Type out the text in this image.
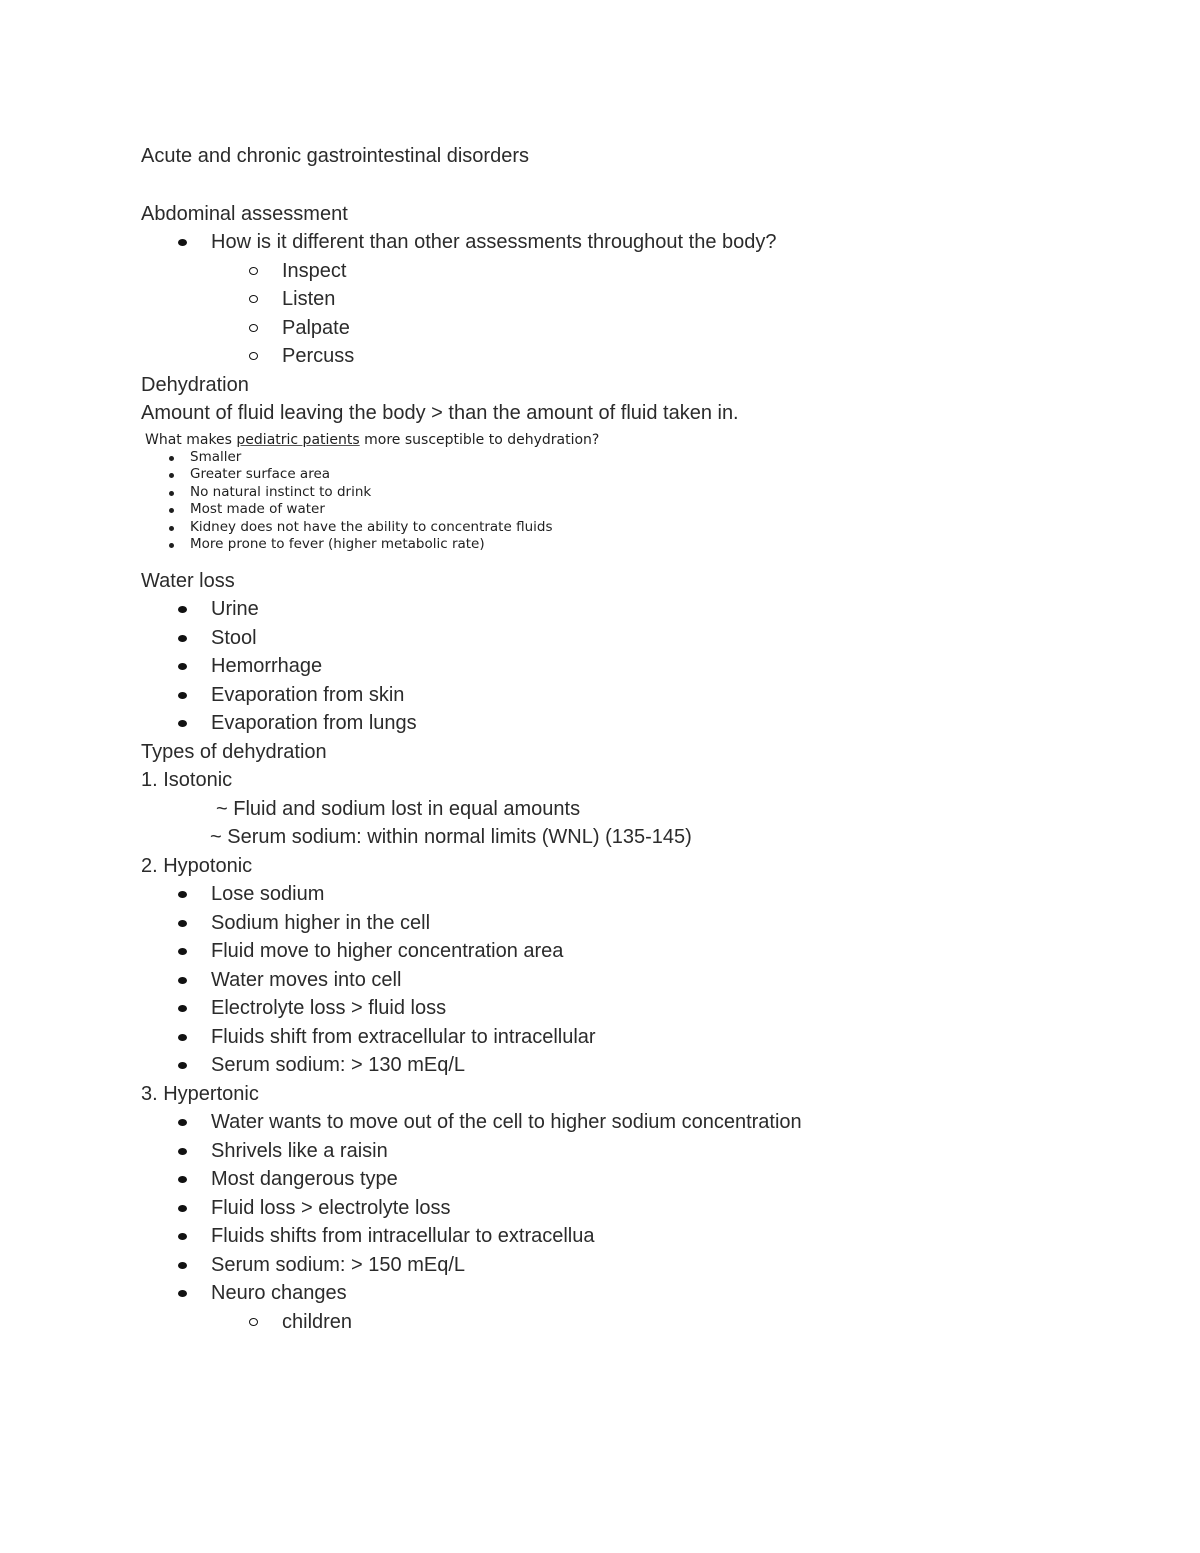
Acute and chronic gastrointestinal disorders
Abdominal assessment
How is it different than other assessments throughout the body?
Inspect
Listen
Palpate
Percuss
Dehydration
Amount of fluid leaving the body > than the amount of fluid taken in.
What makes pediatric patients more susceptible to dehydration?
Smaller
Greater surface area
No natural instinct to drink
Most made of water
Kidney does not have the ability to concentrate fluids
More prone to fever (higher metabolic rate)
Water loss
Urine
Stool
Hemorrhage
Evaporation from skin
Evaporation from lungs
Types of dehydration
1. Isotonic
~ Fluid and sodium lost in equal amounts
~ Serum sodium: within normal limits (WNL) (135-145)
2. Hypotonic
Lose sodium
Sodium higher in the cell
Fluid move to higher concentration area
Water moves into cell
Electrolyte loss > fluid loss
Fluids shift from extracellular to intracellular
Serum sodium: > 130 mEq/L
3. Hypertonic
Water wants to move out of the cell to higher sodium concentration
Shrivels like a raisin
Most dangerous type
Fluid loss > electrolyte loss
Fluids shifts from intracellular to extracellua
Serum sodium: > 150 mEq/L
Neuro changes
children
